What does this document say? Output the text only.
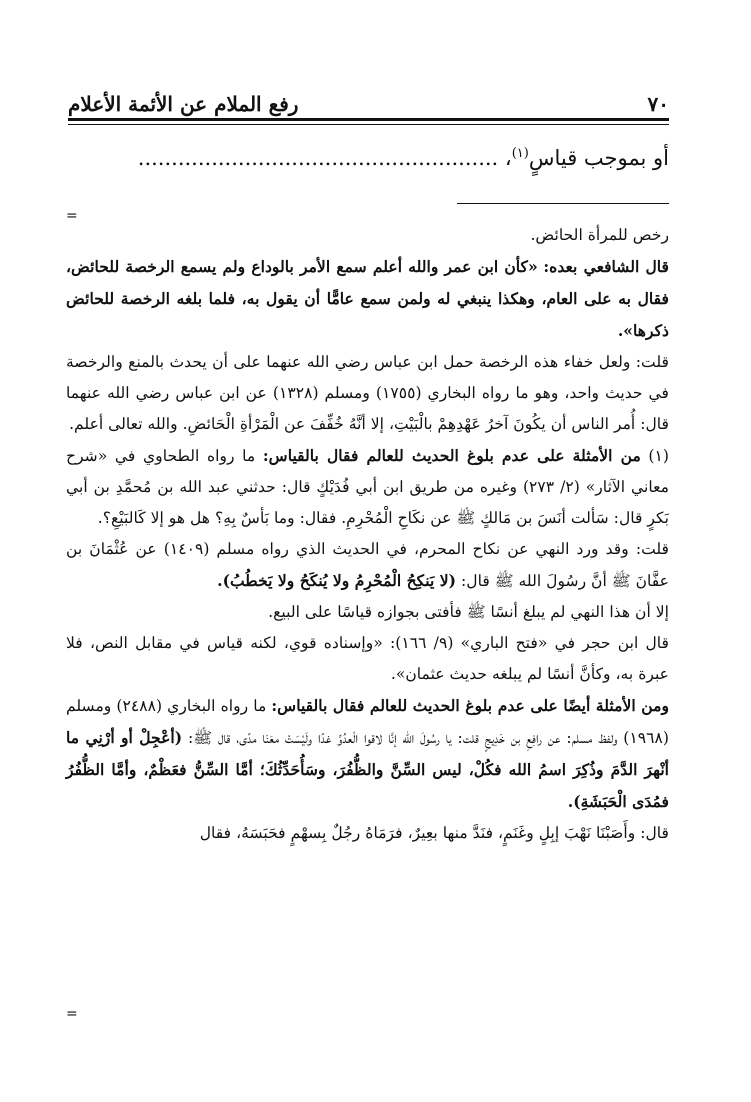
رفع الملام عن الأئمة الأعلام	٧٠
أو بموجب قياسٍ$^{(١)}$، ......................................................
=

رخص للمرأة الحائض.

قال الشافعي بعده: «كأن ابن عمر والله أعلم سمع الأمر بالوداع ولم يسمع الرخصة للحائض، فقال به على العام، وهكذا ينبغي له ولمن سمع عامًّا أن يقول به، فلما بلغه الرخصة للحائض ذكرها».

قلت: ولعل خفاء هذه الرخصة حمل ابن عباس رضي الله عنهما على أن يحدث بالمنع والرخصة في حديث واحد، وهو ما رواه البخاري (١٧٥٥) ومسلم (١٣٢٨) عن ابن عباس رضي الله عنهما قال: أُمر الناس أن يكُونَ آخرُ عَهْدِهِمْ بالْبَيْتِ، إلا أنَّهُ خُفِّفَ عن الْمَرْأةِ الْحَائضِ. والله تعالى أعلم.

(١) من الأمثلة على عدم بلوغ الحديث للعالم فقال بالقياس: ما رواه الطحاوي في «شرح معاني الآثار» (٢/ ٢٧٣) وغيره من طريق ابن أبي فُدَيْكٍ قال: حدثني عبد الله بن مُحمَّدِ بن أبي بَكرٍ قال: سَألت أنَسَ بن مَالكٍ ﷺ عن نكَاحِ الْمُحْرِمِ. فقال: وما بَأسٌ بِهِ؟ هل هو إلا كَالبَيْعِ؟.

قلت: وقد ورد النهي عن نكاح المحرم، في الحديث الذي رواه مسلم (١٤٠٩) عن عُثْمَانَ بن عفَّانَ ﷺ أنَّ رسُولَ الله ﷺ قال: (لا يَنكِحُ الْمُحْرِمُ ولا يُنكَحُ ولا يَخطُبُ).

إلا أن هذا النهي لم يبلغ أنسًا ﷺ فأفتى بجوازه قياسًا على البيع.

قال ابن حجر في «فتح الباري» (٩/ ١٦٦): «وإسناده قوي، لكنه قياس في مقابل النص، فلا عبرة به، وكأنَّ أنسًا لم يبلغه حديث عثمان».

ومن الأمثلة أيضًا على عدم بلوغ الحديث للعالم فقال بالقياس: ما رواه البخاري (٢٤٨٨) ومسلم (١٩٦٨) ولفظ مسلم: عن رافِعِ بن خَدِيجٍ قلت: يا رسُولَ الله إنَّا لاقوا الْعدُوِّ غدًا ولَيْسَتْ معَنَا مدًى، قال ﷺ: (أعْجِلْ أو أرْنِي ما أنْهرَ الدَّمَ وذُكِرَ اسمُ الله فكُلْ، ليس السِّنَّ والظُّفُرَ، وسَأُحَدِّثُكَ؛ أمَّا السِّنُّ فعَظْمٌ، وأمَّا الظُّفُرُ فمُدَى الْحَبَشَةِ).

قال: وأَصَبْنَا نَهْبَ إبِلٍ وغَنَمٍ، فنَدَّ منها بعِيرٌ، فرَمَاهُ رجُلٌ بِسهْمٍ فحَبَسَهُ، فقال

=
